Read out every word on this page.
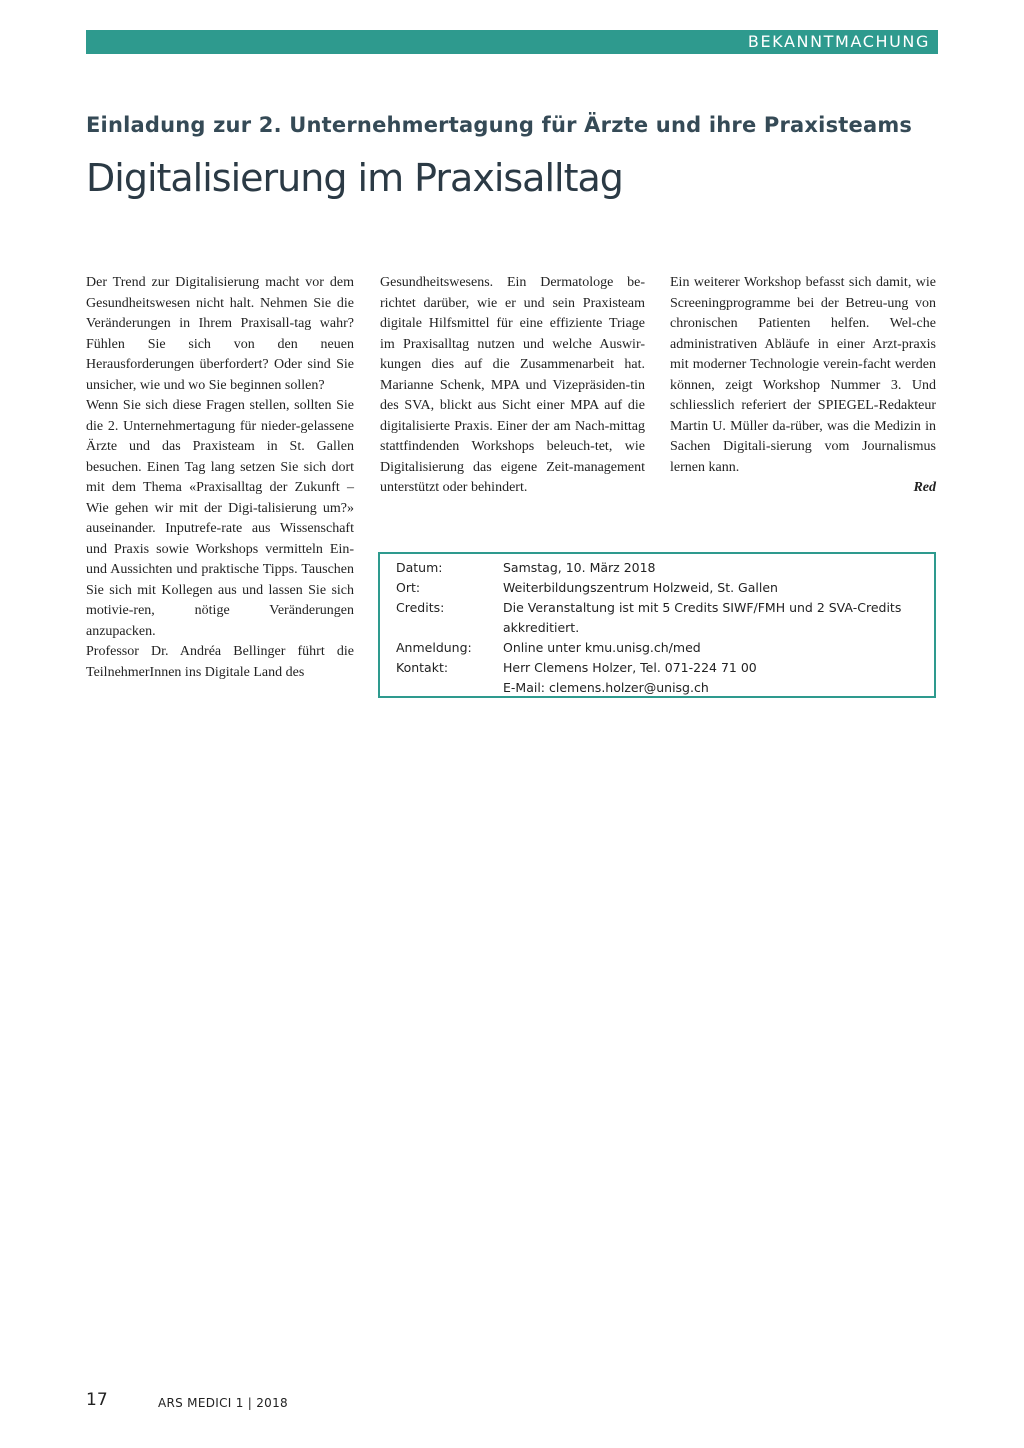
BEKANNTMACHUNG
Einladung zur 2. Unternehmertagung für Ärzte und ihre Praxisteams
Digitalisierung im Praxisalltag

Der Trend zur Digitalisierung macht vor dem Gesundheitswesen nicht halt. Nehmen Sie die Veränderungen in Ihrem Praxisall-tag wahr? Fühlen Sie sich von den neuen Herausforderungen überfordert? Oder sind Sie unsicher, wie und wo Sie beginnen sollen?

Wenn Sie sich diese Fragen stellen, sollten Sie die 2. Unternehmertagung für nieder-gelassene Ärzte und das Praxisteam in St. Gallen besuchen. Einen Tag lang setzen Sie sich dort mit dem Thema «Praxisalltag der Zukunft – Wie gehen wir mit der Digi-talisierung um?» auseinander. Inputrefe-rate aus Wissenschaft und Praxis sowie Workshops vermitteln Ein- und Aussichten und praktische Tipps. Tauschen Sie sich mit Kollegen aus und lassen Sie sich motivie-ren, nötige Veränderungen anzupacken.

Professor Dr. Andréa Bellinger führt die TeilnehmerInnen ins Digitale Land des

Gesundheitswesens. Ein Dermatologe be-richtet darüber, wie er und sein Praxisteam digitale Hilfsmittel für eine effiziente Triage im Praxisalltag nutzen und welche Auswir-kungen dies auf die Zusammenarbeit hat. Marianne Schenk, MPA und Vizepräsiden-tin des SVA, blickt aus Sicht einer MPA auf die digitalisierte Praxis. Einer der am Nach-mittag stattfindenden Workshops beleuch-tet, wie Digitalisierung das eigene Zeit-management unterstützt oder behindert.

Ein weiterer Workshop befasst sich damit, wie Screeningprogramme bei der Betreu-ung von chronischen Patienten helfen. Wel-che administrativen Abläufe in einer Arzt-praxis mit moderner Technologie verein-facht werden können, zeigt Workshop Nummer 3. Und schliesslich referiert der SPIEGEL-Redakteur Martin U. Müller da-rüber, was die Medizin in Sachen Digitali-sierung vom Journalismus lernen kann.

Red

Datum:	Samstag, 10. März 2018
Ort:	Weiterbildungszentrum Holzweid, St. Gallen
Credits:	Die Veranstaltung ist mit 5 Credits SIWF/FMH und 2 SVA-Credits akkreditiert.
Anmeldung:	Online unter kmu.unisg.ch/med
Kontakt:	Herr Clemens Holzer, Tel. 071-224 71 00
E-Mail: clemens.holzer@unisg.ch
17	ARS MEDICI 1 | 2018
